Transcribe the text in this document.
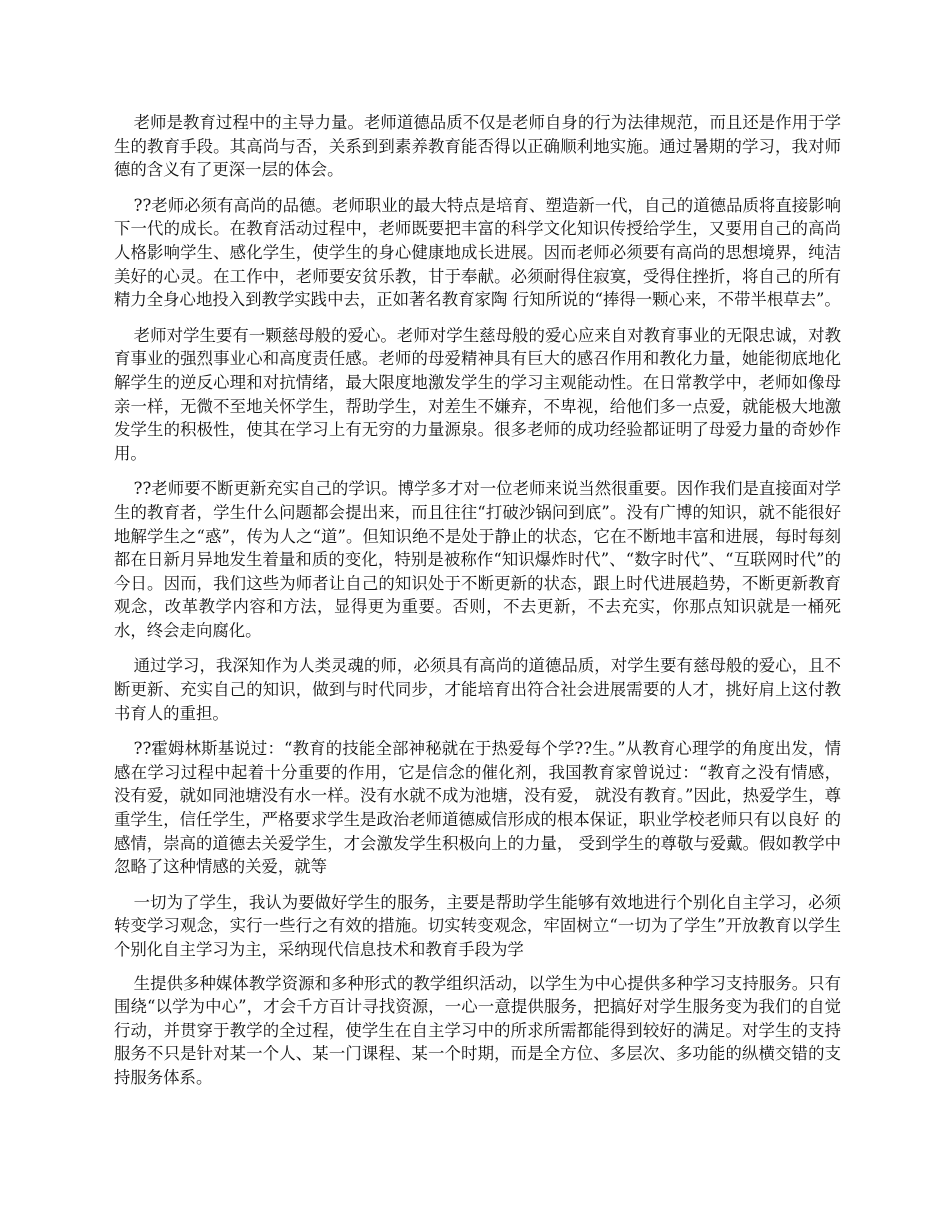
老师是教育过程中的主导力量。老师道德品质不仅是老师自身的行为法律规范，而且还是作用于学生的教育手段。其高尚与否，关系到到素养教育能否得以正确顺利地实施。通过暑期的学习，我对师德的含义有了更深一层的体会。

??老师必须有高尚的品德。老师职业的最大特点是培育、塑造新一代，自己的道德品质将直接影响下一代的成长。在教育活动过程中，老师既要把丰富的科学文化知识传授给学生，又要用自己的高尚人格影响学生、感化学生，使学生的身心健康地成长进展。因而老师必须要有高尚的思想境界，纯洁美好的心灵。在工作中，老师要安贫乐教，甘于奉献。必须耐得住寂寞，受得住挫折，将自己的所有精力全身心地投入到教学实践中去，正如著名教育家陶 行知所说的“捧得一颗心来，不带半根草去”。

老师对学生要有一颗慈母般的爱心。老师对学生慈母般的爱心应来自对教育事业的无限忠诚，对教育事业的强烈事业心和高度责任感。老师的母爱精神具有巨大的感召作用和教化力量，她能彻底地化解学生的逆反心理和对抗情绪，最大限度地激发学生的学习主观能动性。在日常教学中，老师如像母亲一样，无微不至地关怀学生，帮助学生，对差生不嫌弃，不卑视，给他们多一点爱，就能极大地激发学生的积极性，使其在学习上有无穷的力量源泉。很多老师的成功经验都证明了母爱力量的奇妙作用。

??老师要不断更新充实自己的学识。博学多才对一位老师来说当然很重要。因作我们是直接面对学生的教育者，学生什么问题都会提出来，而且往往“打破沙锅问到底”。没有广博的知识，就不能很好地解学生之“惑”，传为人之“道”。但知识绝不是处于静止的状态，它在不断地丰富和进展，每时每刻都在日新月异地发生着量和质的变化，特别是被称作“知识爆炸时代”、“数字时代”、“互联网时代”的今日。因而，我们这些为师者让自己的知识处于不断更新的状态，跟上时代进展趋势，不断更新教育观念，改革教学内容和方法，显得更为重要。否则，不去更新，不去充实，你那点知识就是一桶死水，终会走向腐化。

通过学习，我深知作为人类灵魂的师，必须具有高尚的道德品质，对学生要有慈母般的爱心，且不断更新、充实自己的知识，做到与时代同步，才能培育出符合社会进展需要的人才，挑好肩上这付教书育人的重担。

??霍姆林斯基说过：“教育的技能全部神秘就在于热爱每个学??生。”从教育心理学的角度出发，情感在学习过程中起着十分重要的作用，它是信念的催化剂，我国教育家曾说过：“教育之没有情感， 没有爱，就如同池塘没有水一样。没有水就不成为池塘，没有爱， 就没有教育。”因此，热爱学生，尊重学生，信任学生，严格要求学生是政治老师道德威信形成的根本保证，职业学校老师只有以良好 的感情，崇高的道德去关爱学生，才会激发学生积极向上的力量， 受到学生的尊敬与爱戴。假如教学中忽略了这种情感的关爱，就等

一切为了学生，我认为要做好学生的服务，主要是帮助学生能够有效地进行个别化自主学习，必须转变学习观念，实行一些行之有效的措施。切实转变观念，牢固树立“一切为了学生”开放教育以学生个别化自主学习为主，采纳现代信息技术和教育手段为学

生提供多种媒体教学资源和多种形式的教学组织活动，以学生为中心提供多种学习支持服务。只有围绕“以学为中心”，才会千方百计寻找资源，一心一意提供服务，把搞好对学生服务变为我们的自觉行动，并贯穿于教学的全过程，使学生在自主学习中的所求所需都能得到较好的满足。对学生的支持服务不只是针对某一个人、某一门课程、某一个时期，而是全方位、多层次、多功能的纵横交错的支持服务体系。
